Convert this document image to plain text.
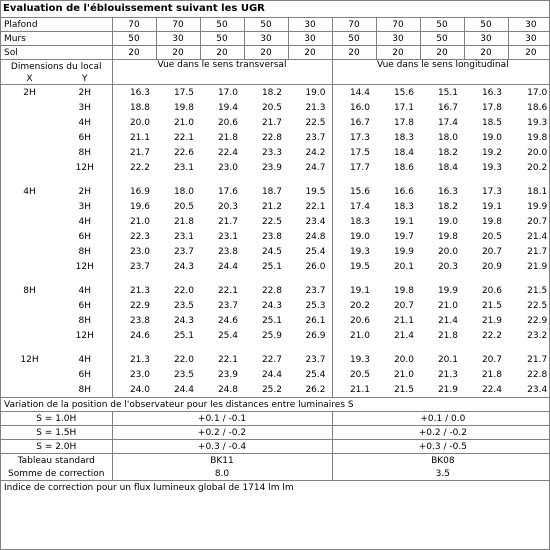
Evaluation de l'éblouissement suivant les UGR											
Plafond		70	70	50	50	30	70	70	50	50	30
Murs		50	30	50	30	30	50	30	50	30	30
Sol		20	20	20	20	20	20	20	20	20	20
Dimensions du local		Vue dans le sens transversal					Vue dans le sens longitudinal				
X	Y										
2H	2H	16.3	17.5	17.0	18.2	19.0	14.4	15.6	15.1	16.3	17.0
	3H	18.8	19.8	19.4	20.5	21.3	16.0	17.1	16.7	17.8	18.6
	4H	20.0	21.0	20.6	21.7	22.5	16.7	17.8	17.4	18.5	19.3
	6H	21.1	22.1	21.8	22.8	23.7	17.3	18.3	18.0	19.0	19.8
	8H	21.7	22.6	22.4	23.3	24.2	17.5	18.4	18.2	19.2	20.0
	12H	22.2	23.1	23.0	23.9	24.7	17.7	18.6	18.4	19.3	20.2

4H	2H	16.9	18.0	17.6	18.7	19.5	15.6	16.6	16.3	17.3	18.1
	3H	19.6	20.5	20.3	21.2	22.1	17.4	18.3	18.2	19.1	19.9
	4H	21.0	21.8	21.7	22.5	23.4	18.3	19.1	19.0	19.8	20.7
	6H	22.3	23.1	23.1	23.8	24.8	19.0	19.7	19.8	20.5	21.4
	8H	23.0	23.7	23.8	24.5	25.4	19.3	19.9	20.0	20.7	21.7
	12H	23.7	24.3	24.4	25.1	26.0	19.5	20.1	20.3	20.9	21.9

8H	4H	21.3	22.0	22.1	22.8	23.7	19.1	19.8	19.9	20.6	21.5
	6H	22.9	23.5	23.7	24.3	25.3	20.2	20.7	21.0	21.5	22.5
	8H	23.8	24.3	24.6	25.1	26.1	20.6	21.1	21.4	21.9	22.9
	12H	24.6	25.1	25.4	25.9	26.9	21.0	21.4	21.8	22.2	23.2

12H	4H	21.3	22.0	22.1	22.7	23.7	19.3	20.0	20.1	20.7	21.7
	6H	23.0	23.5	23.9	24.4	25.4	20.5	21.0	21.3	21.8	22.8
	8H	24.0	24.4	24.8	25.2	26.2	21.1	21.5	21.9	22.4	23.4
Variation de la position de l'observateur pour les distances entre luminaires S											
S = 1.0H		+0.1 / -0.1					+0.1 / 0.0				
S = 1.5H		+0.2 / -0.2					+0.2 / -0.2				
S = 2.0H		+0.3 / -0.4					+0.3 / -0.5				
Tableau standard		BK11					BK08				
Somme de correction		8.0					3.5				
Indice de correction pour un flux lumineux global de 1714 lm lm											
